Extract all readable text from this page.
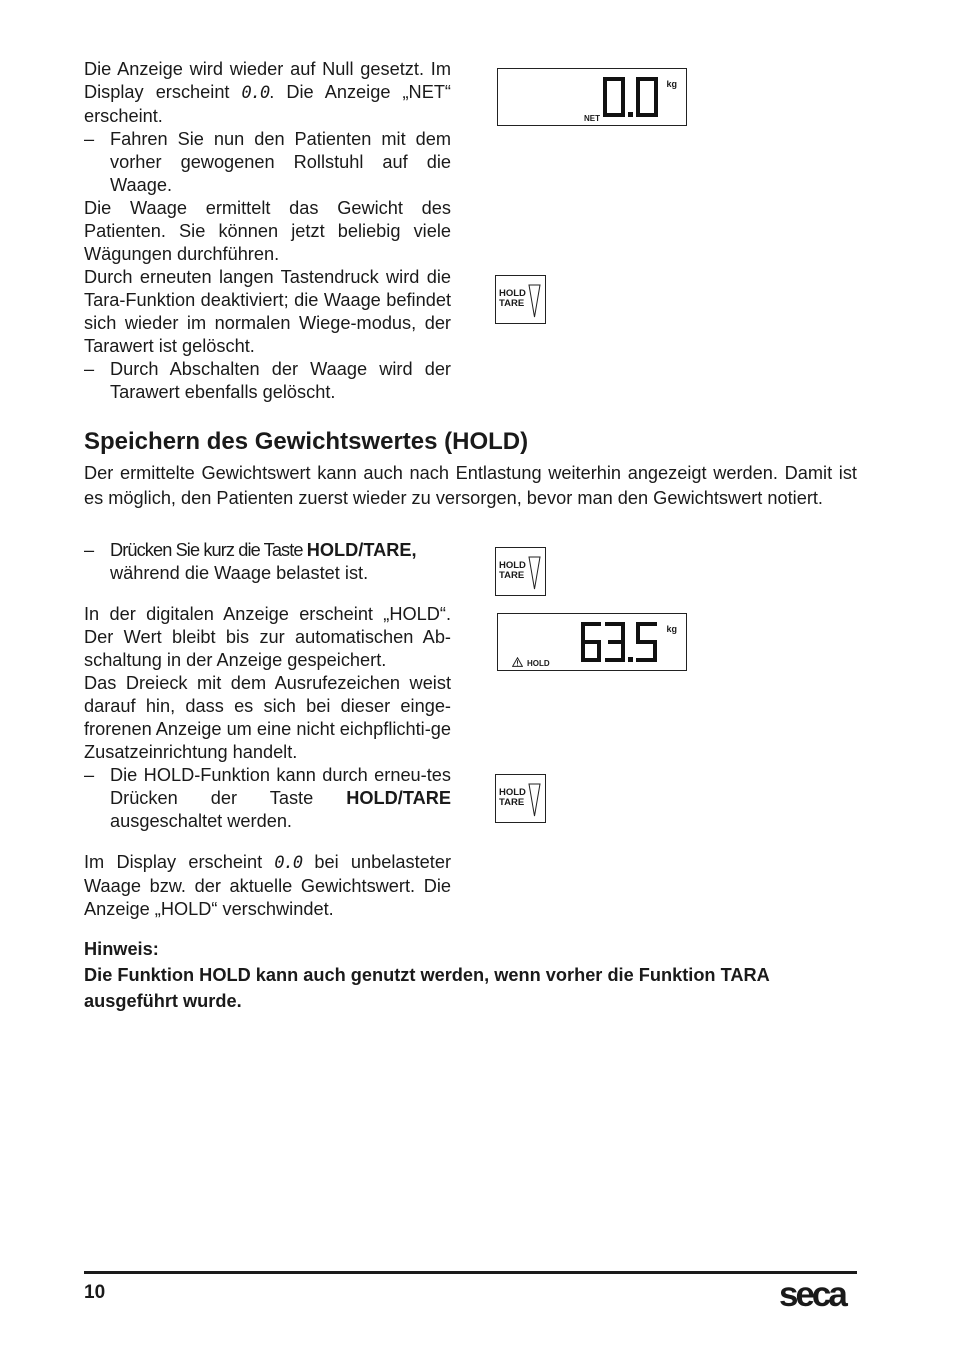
Die Anzeige wird wieder auf Null gesetzt. Im Display erscheint 0.0. Die Anzeige „NET“ erscheint.

– Fahren Sie nun den Patienten mit dem vorher gewogenen Rollstuhl auf die Waage.

Die Waage ermittelt das Gewicht des Patienten. Sie können jetzt beliebig viele Wägungen durchführen.

Durch erneuten langen Tastendruck wird die Tara-Funktion deaktiviert; die Waage befindet sich wieder im normalen Wiege-modus, der Tarawert ist gelöscht.

– Durch Abschalten der Waage wird der Tarawert ebenfalls gelöscht.
Speichern des Gewichtswertes (HOLD)

Der ermittelte Gewichtswert kann auch nach Entlastung weiterhin angezeigt werden. Damit ist es möglich, den Patienten zuerst wieder zu versorgen, bevor man den Gewichtswert notiert.

– Drücken Sie kurz die Taste HOLD/TARE,
während die Waage belastet ist.

In der digitalen Anzeige erscheint „HOLD“. Der Wert bleibt bis zur automatischen Ab-schaltung in der Anzeige gespeichert.

Das Dreieck mit dem Ausrufezeichen weist darauf hin, dass es sich bei dieser einge-frorenen Anzeige um eine nicht eichpflichti-ge Zusatzeinrichtung handelt.

– Die HOLD-Funktion kann durch erneu-tes Drücken der Taste HOLD/TARE ausgeschaltet werden.

Im Display erscheint 0.0 bei unbelasteter Waage bzw. der aktuelle Gewichtswert. Die Anzeige „HOLD“ verschwindet.

kg
NET
HOLD
TARE
HOLD
TARE
kg
HOLD
HOLD
TARE

Hinweis:

Die Funktion HOLD kann auch genutzt werden, wenn vorher die Funktion TARA ausgeführt wurde.

10	seca
